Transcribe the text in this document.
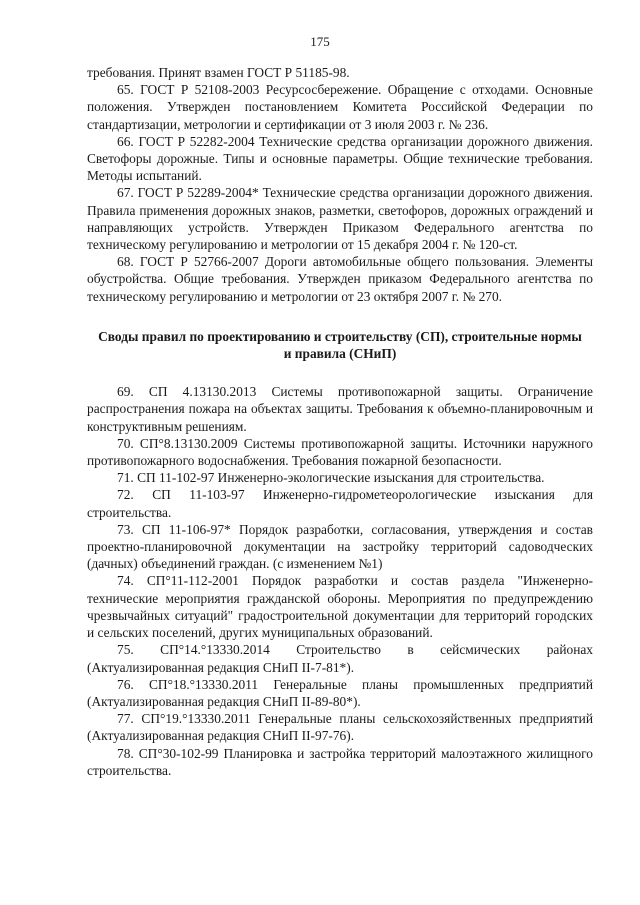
175

требования. Принят взамен ГОСТ Р 51185-98.

65. ГОСТ Р 52108-2003 Ресурсосбережение. Обращение с отходами. Основные положения. Утвержден постановлением Комитета Российской Федерации по стандартизации, метрологии и сертификации от 3 июля 2003 г. № 236.

66. ГОСТ Р 52282-2004 Технические средства организации дорожного движения. Светофоры дорожные. Типы и основные параметры. Общие технические требования. Методы испытаний.

67. ГОСТ Р 52289-2004* Технические средства организации дорожного движения. Правила применения дорожных знаков, разметки, светофоров, дорожных ограждений и направляющих устройств. Утвержден Приказом Федерального агентства по техническому регулированию и метрологии от 15 декабря 2004 г. № 120-ст.

68. ГОСТ Р 52766-2007 Дороги автомобильные общего пользования. Элементы обустройства. Общие требования. Утвержден приказом Федерального агентства по техническому регулированию и метрологии от 23 октября 2007 г. № 270.

Своды правил по проектированию и строительству (СП), строительные нормы и правила (СНиП)

69. СП 4.13130.2013 Системы противопожарной защиты. Ограничение распространения пожара на объектах защиты. Требования к объемно-планировочным и конструктивным решениям.

70. СП°8.13130.2009 Системы противопожарной защиты. Источники наружного противопожарного водоснабжения. Требования пожарной безопасности.

71. СП 11-102-97 Инженерно-экологические изыскания для строительства.

72. СП 11-103-97 Инженерно-гидрометеорологические изыскания для строительства.

73. СП 11-106-97* Порядок разработки, согласования, утверждения и состав проектно-планировочной документации на застройку территорий садоводческих (дачных) объединений граждан. (с изменением №1)

74. СП°11-112-2001 Порядок разработки и состав раздела "Инженерно-технические мероприятия гражданской обороны. Мероприятия по предупреждению чрезвычайных ситуаций" градостроительной документации для территорий городских и сельских поселений, других муниципальных образований.

75. СП°14.°13330.2014 Строительство в сейсмических районах (Актуализированная редакция СНиП II-7-81*).

76. СП°18.°13330.2011 Генеральные планы промышленных предприятий (Актуализированная редакция СНиП II-89-80*).

77. СП°19.°13330.2011 Генеральные планы сельскохозяйственных предприятий (Актуализированная редакция СНиП II-97-76).

78. СП°30-102-99 Планировка и застройка территорий малоэтажного жилищного строительства.
